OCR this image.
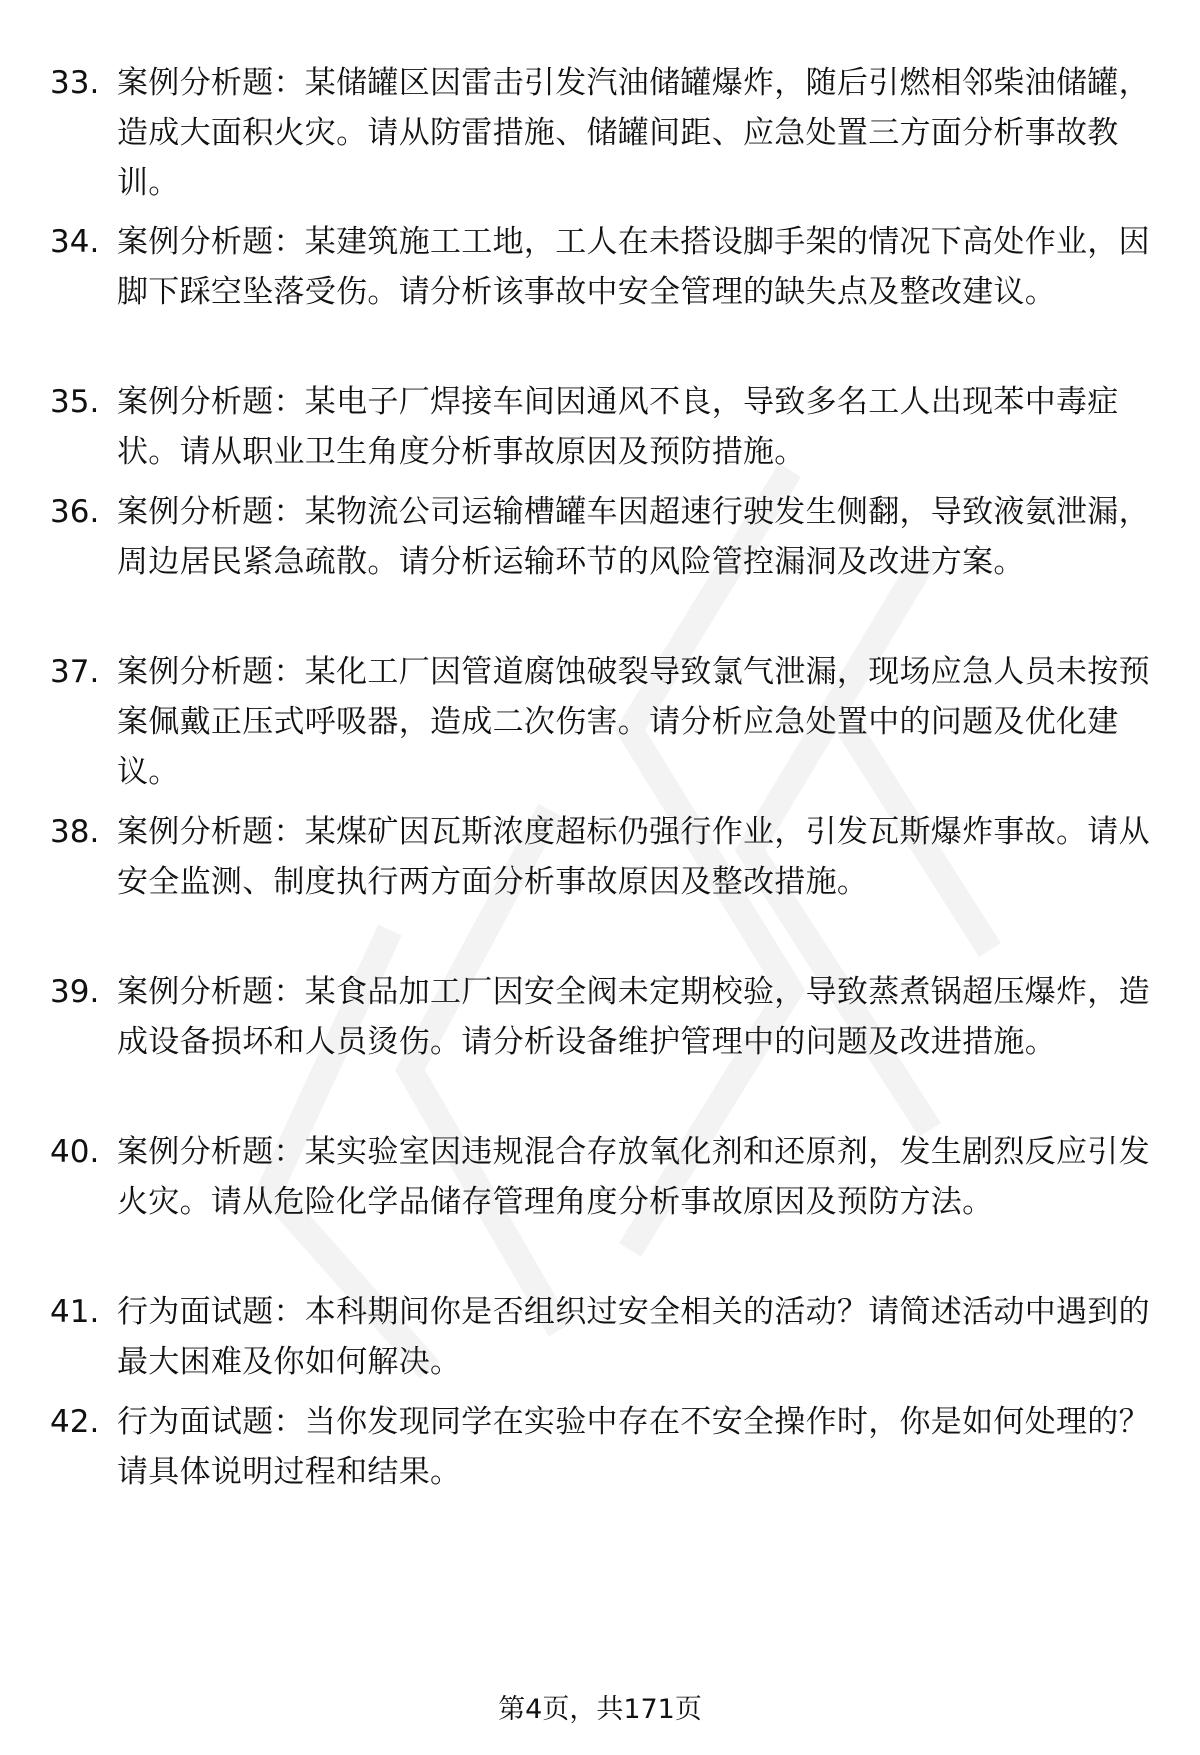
33. 案例分析题：某储罐区因雷击引发汽油储罐爆炸，随后引燃相邻柴油储罐，造成大面积火灾。请从防雷措施、储罐间距、应急处置三方面分析事故教训。
34. 案例分析题：某建筑施工工地，工人在未搭设脚手架的情况下高处作业，因脚下踩空坠落受伤。请分析该事故中安全管理的缺失点及整改建议。
35. 案例分析题：某电子厂焊接车间因通风不良，导致多名工人出现苯中毒症状。请从职业卫生角度分析事故原因及预防措施。
36. 案例分析题：某物流公司运输槽罐车因超速行驶发生侧翻，导致液氨泄漏，周边居民紧急疏散。请分析运输环节的风险管控漏洞及改进方案。
37. 案例分析题：某化工厂因管道腐蚀破裂导致氯气泄漏，现场应急人员未按预案佩戴正压式呼吸器，造成二次伤害。请分析应急处置中的问题及优化建议。
38. 案例分析题：某煤矿因瓦斯浓度超标仍强行作业，引发瓦斯爆炸事故。请从安全监测、制度执行两方面分析事故原因及整改措施。
39. 案例分析题：某食品加工厂因安全阀未定期校验，导致蒸煮锅超压爆炸，造成设备损坏和人员烫伤。请分析设备维护管理中的问题及改进措施。
40. 案例分析题：某实验室因违规混合存放氧化剂和还原剂，发生剧烈反应引发火灾。请从危险化学品储存管理角度分析事故原因及预防方法。
41. 行为面试题：本科期间你是否组织过安全相关的活动？请简述活动中遇到的最大困难及你如何解决。
42. 行为面试题：当你发现同学在实验中存在不安全操作时，你是如何处理的？请具体说明过程和结果。
第4页，共171页
